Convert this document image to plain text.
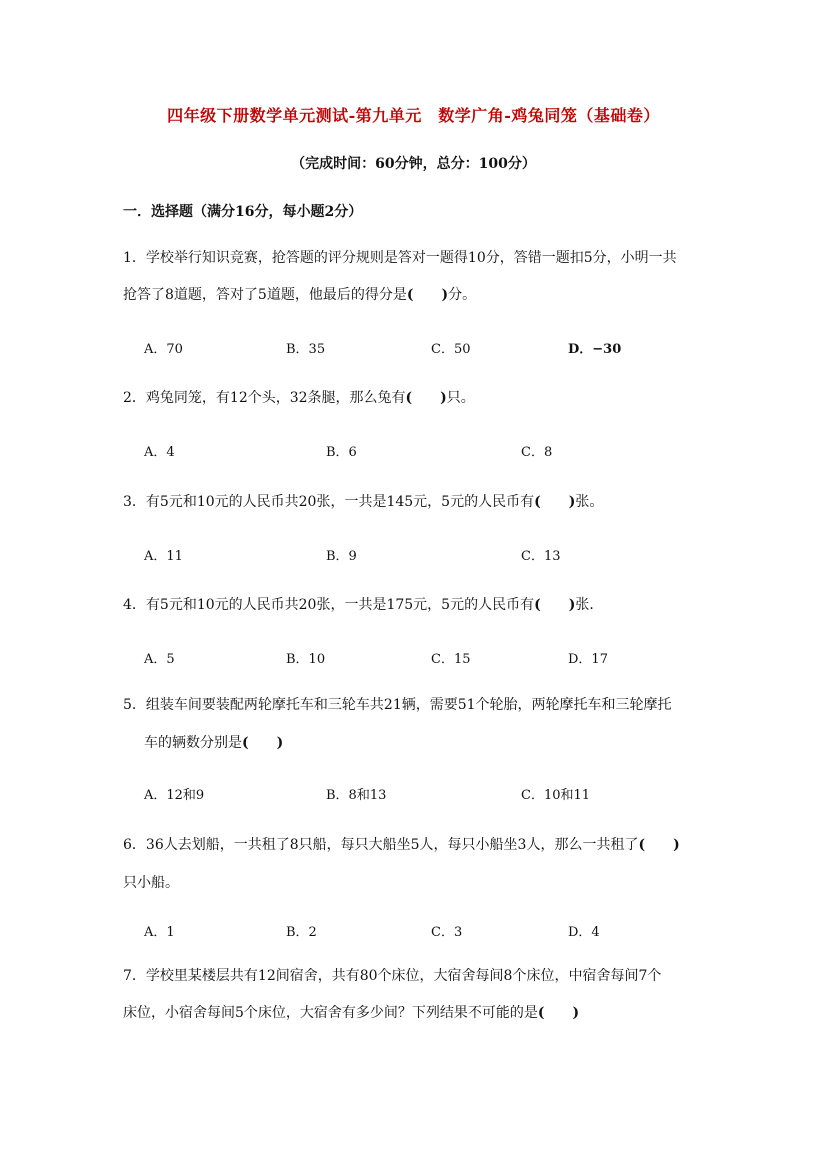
四年级下册数学单元测试-第九单元　数学广角-鸡兔同笼（基础卷）
（完成时间：60分钟，总分：100分）
一．选择题（满分16分，每小题2分）
1．学校举行知识竞赛，抢答题的评分规则是答对一题得10分，答错一题扣5分，小明一共
抢答了8道题，答对了5道题，他最后的得分是(　　)分。
A．70	B．35	C．50	D．−30
2．鸡兔同笼，有12个头，32条腿，那么兔有(　　)只。
A．4	B．6	C．8
3．有5元和10元的人民币共20张，一共是145元，5元的人民币有(　　)张。
A．11	B．9	C．13
4．有5元和10元的人民币共20张，一共是175元，5元的人民币有(　　)张．
A．5	B．10	C．15	D．17
5．组装车间要装配两轮摩托车和三轮车共21辆，需要51个轮胎，两轮摩托车和三轮摩托
车的辆数分别是(　　)
A．12和9	B．8和13	C．10和11
6．36人去划船，一共租了8只船，每只大船坐5人，每只小船坐3人，那么一共租了(　　)
只小船。
A．1	B．2	C．3	D．4
7．学校里某楼层共有12间宿舍，共有80个床位，大宿舍每间8个床位，中宿舍每间7个
床位，小宿舍每间5个床位，大宿舍有多少间？下列结果不可能的是(　　)
